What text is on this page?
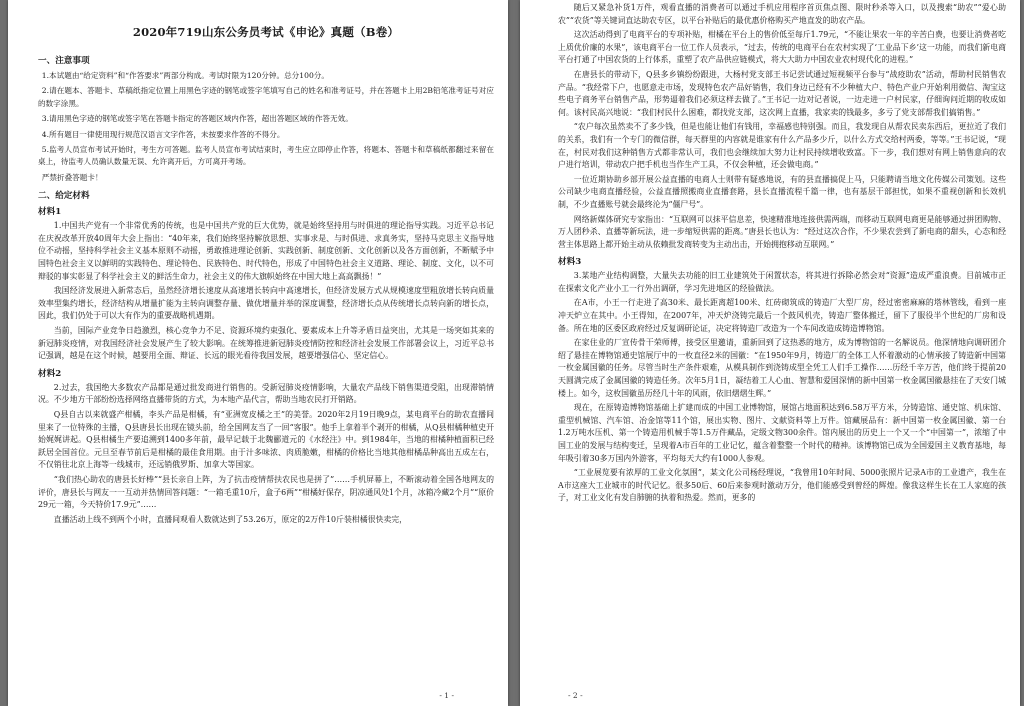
2020年719山东公务员考试《申论》真题（B卷）
一、注意事项

1.本试题由“给定资料”和“作答要求”两部分构成。考试时限为120分钟。总分100分。

2.请在题本、答题卡、草稿纸指定位置上用黑色字迹的钢笔或签字笔填写自己的姓名和准考证号，并在答题卡上用2B铅笔准考证号对应的数字涂黑。

3.请用黑色字迹的钢笔或签字笔在答题卡指定的答题区域内作答，超出答题区域的作答无效。

4.所有题目一律使用现行规范汉语言文字作答，未按要求作答的不得分。

5.监考人员宣布考试开始时，考生方可答题。监考人员宣布考试结束时，考生应立即停止作答，将题本、答题卡和草稿纸都翻过来留在桌上，待监考人员确认数量无误、允许离开后，方可离开考场。

严禁折叠答题卡！

二、给定材料
材料1

1.中国共产党有一个非常优秀的传统，也是中国共产党的巨大优势，就是始终坚持用与时俱进的理论指导实践。习近平总书记在庆祝改革开放40周年大会上指出：“40年来，我们始终坚持解放思想、实事求是、与时俱进、求真务实，坚持马克思主义指导地位不动摇，坚持科学社会主义基本原则不动摇，勇敢推进理论创新、实践创新、制度创新、文化创新以及各方面创新，不断赋予中国特色社会主义以鲜明的实践特色、理论特色、民族特色、时代特色，形成了中国特色社会主义道路、理论、制度、文化，以不可辩驳的事实彰显了科学社会主义的鲜活生命力，社会主义的伟大旗帜始终在中国大地上高高飘扬！”

我国经济发展进入新常态后，虽然经济增长速度从高速增长转向中高速增长，但经济发展方式从规模速度型粗放增长转向质量效率型集约增长，经济结构从增量扩能为主转向调整存量、做优增量并举的深度调整，经济增长点从传统增长点转向新的增长点，因此，我们仍处于可以大有作为的重要战略机遇期。

当前，国际产业竞争日趋激烈，核心竞争力不足、资源环境约束强化、要素成本上升等矛盾日益突出，尤其是一场突如其来的新冠肺炎疫情，对我国经济社会发展产生了较大影响。在统筹推进新冠肺炎疫情防控和经济社会发展工作部署会议上，习近平总书记强调，越是在这个时候，越要用全面、辩证、长远的眼光看待我国发展，越要增强信心、坚定信心。

材料2

2.过去，我国绝大多数农产品都是通过批发商进行销售的。受新冠肺炎疫情影响，大量农产品线下销售渠道受阻，出现滞销情况。不少地方干部纷纷选择网络直播带货的方式，为本地产品代言，帮助当地农民打开销路。

Q县自古以来就盛产柑橘，李头产品是柑橘，有“亚洲宽皮橘之王”的美誉。2020年2月19日晚9点，某电商平台的助农直播间里来了一位特殊的主播，Q县唐县长出现在镜头前，给全国网友当了一回“客服”。他手上拿着半个剥开的柑橘，从Q县柑橘种植史开始娓娓讲起。Q县柑橘生产要追溯到1400多年前，最早记载于北魏郦道元的《水经注》中。到1984年，当地的柑橘种植面积已经跃居全国首位。元旦至春节前后是柑橘的最佳食用期。由于汁多味浓、肉质脆嫩，柑橘的价格比当地其他柑橘品种高出五成左右，不仅销往北京上海等一线城市，还远销俄罗斯、加拿大等国家。

“我们热心助农的唐县长好棒”“县长亲自上阵，为了抗击疫情帮扶农民也是拼了”……手机屏幕上，不断滚动着全国各地网友的评价，唐县长与网友一一互动并热情回答问题：“一箱毛重10斤，盒子6两”“柑橘好保存，阴凉通风处1个月，冰箱冷藏2个月”“原价29元一箱，今天特价17.9元”……

直播活动上线不到两个小时，直播间观看人数就达到了53.26万，原定的2万件10斤装柑橘很快卖完，

- 1 -

随后又紧急补货1万件，观看直播的消费者可以通过手机应用程序首页焦点图、限时秒杀等入口，以及搜索“助农”“爱心助农”“农货”等关键词直达助农专区，以平台补贴后的最优惠价格购买产地直发的助农产品。

这次活动得到了电商平台的专项补贴，柑橘在平台上的售价低至每斤1.79元，“不能让果农一年的辛苦白费，也要让消费者吃上质优价廉的水果”，该电商平台一位工作人员表示，“过去，传统的电商平台在农村实现了‘工业品下乡’这一功能，而我们新电商平台打通了中国农货的上行体系，重塑了农产品供应链模式，将大大助力中国农业农村现代化的进程。”

在唐县长的带动下，Q县多乡镇纷纷跟进，大杨村党支部王书记尝试通过短视频平台参与“战疫助农”活动，帮助村民销售农产品。“我经常下户，也愿意走市场，发现特色农产品好销售，我们身边已经有不少种植大户、特色产业户开始利用微信、淘宝这些电子商务平台销售产品，形势逼着我们必须这样去做了。”王书记一边对记者说，一边走进一户村民家，仔细询问近期的收成如何。该村民高兴地说：“我们村民什么困难，都找党支部，这次网上直播，我家卖的钱最多，多亏了党支部帮我们搞销售。”

“农户每次虽然卖不了多少钱，但是也能让他们有钱用，幸福感也特别强。而且，我发现自从帮农民卖东西后，更拉近了我们的关系，我们有一个专门的微信群，每天群里的内容就是谁家有什么产品多少斤，以什么方式交给村两委，等等。”王书记说，“现在，村民对我们这种销售方式都非常认可，我们也会继续加大努力让村民持续增收致富。下一步，我们想对有网上销售意向的农户进行培训，带动农户把手机也当作生产工具，不仅会种植，还会做电商。”

一位近期协助乡部开展公益直播的电商人士则带有疑惑地说，有的县直播搞促上马，只能聘请当地文化传媒公司策划。这些公司缺少电商直播经验，公益直播照搬商业直播套路，县长直播流程千篇一律，也有基层干部担忧，如果不重视创新和长效机制，不少直播账号就会最终沦为“僵尸号”。

网络新媒体研究专家指出：“互联网可以抹平信息差，快速精准地连接供需两端，而移动互联网电商更是能够通过拼团购物、万人团秒杀、直播等新玩法，进一步缩短供需的距离。”唐县长也认为：“经过这次合作，不少果农尝到了新电商的甜头，心态和经营主体思路上都开始主动从依赖批发商转变为主动出击，开始拥抱移动互联网。”

材料3

3.某地产业结构调整，大量失去功能的旧工业建筑处于闲置状态，将其进行拆除必然会对“资源”造成严重浪费。目前城市正在探索文化产业小工一行外出调研，学习先进地区的经验做法。

在A市，小王一行走进了高30米、最长距离超100米、红砖砌筑成的铸造厂大型厂房，经过密密麻麻的塔林管线，看到一座冲天炉立在其中。小王得知，在2007年，冲天炉浇铸完最后一个鼓风机壳，铸造厂整体搬迁，留下了服役半个世纪的厂房和设备。所在地的区委区政府经过反复调研论证，决定将铸造厂改造为一个车间改造成铸造博物馆。

在家住业的厂宣传骨干荣师傅，接受区里邀请，重新回到了这热悉的地方，成为博物馆的一名解说员。他深情地向调研团介绍了悬挂在博物馆通史馆展厅中的一枚直径2米的国徽：“在1950年9月，铸造厂的全体工人怀着激动的心情承接了铸造新中国第一枚金属国徽的任务。尽管当时生产条件艰难，从模具制作到浇铸成型全凭工人们手工操作……历经千辛万苦，他们终于提前20天圆满完成了金属国徽的铸造任务。次年5月1日，凝结着工人心血、智慧和爱国深情的新中国第一枚金属国徽悬挂在了天安门城楼上。如今，这枚国徽虽历经几十年的风雨，依旧熠熠生辉。”

现在，在原铸造博物馆基础上扩建而成的中国工业博物馆，展馆占地面积达到6.58万平方米，分铸造馆、通史馆、机床馆、重型机械馆、汽车馆、冶金馆等11个馆，展出实物、图片、文献资料等上万件。馆藏展品有：新中国第一枚金属国徽、第一台1.2万吨水压机、第一个铸造用机械手等1.5万件藏品，定级文物300余件。馆内展出的历史上一个又一个“中国第一”，浓缩了中国工业的发展与结构变迁，呈现着A市百年的工业记忆，蕴含着整整一个时代的精神。该博物馆已成为全国爱国主义教育基地，每年吸引着30多万国内外游客，平均每天大约有1000人参观。

“工业展览要有浓厚的工业文化氛围”，某文化公司杨经理说，“我曾用10年时间、5000张照片记录A市的工业遗产，我生在A市这座大工业城市的时代记忆。很多50后、60后来参观时激动万分，他们能感受到曾经的辉煌。像我这样生长在工人家庭的孩子，对工业文化有发自肺腑的执着和热爱。然而，更多的

- 2 -
